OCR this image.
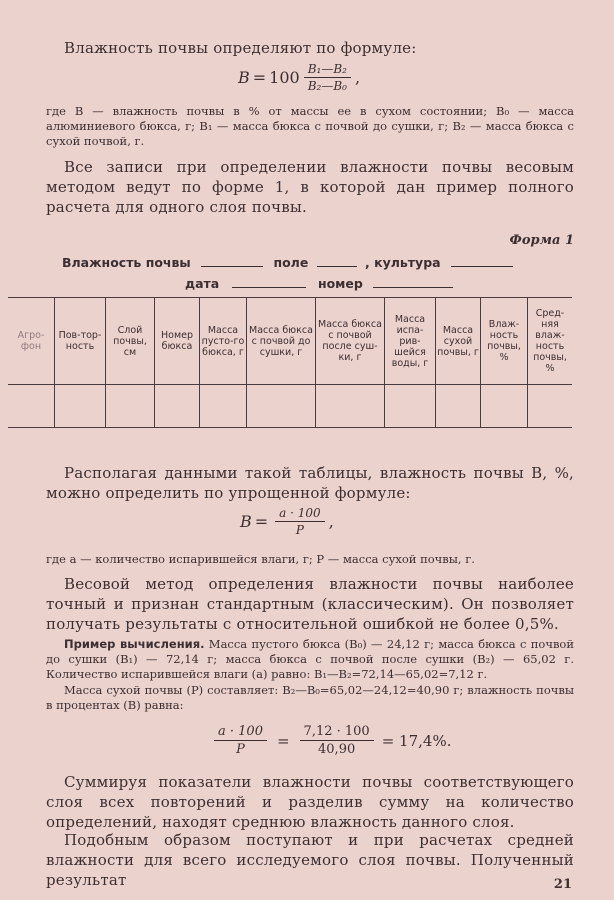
Влажность почвы определяют по формуле:

$B = 100 \frac{\text{B₁—B₂}}{\text{B₂—B₀}}$ ,

где B — влажность почвы в % от массы ее в сухом состоянии; B₀ — масса алюминиевого бюкса, г; B₁ — масса бюкса с почвой до сушки, г; B₂ — масса бюкса с сухой почвой, г.

Все записи при определении влажности почвы весовым методом ведут по форме 1, в которой дан пример полного расчета для одного слоя почвы.

Форма 1
Влажность почвы	поле	, культура
дата	номер
Агро-фон	Пов-тор-ность	Слой почвы, см	Номер бюкса	Масса пусто-го бюкса, г	Масса бюкса с почвой до сушки, г	Масса бюкса с почвой после суш-ки, г	Масса испа-рив-шейся воды, г	Масса сухой почвы, г	Влаж-ность почвы, %	Сред-няя влаж-ность почвы, %

Располагая данными такой таблицы, влажность почвы B, %, можно определить по упрощенной формуле:

$B = \frac{a \cdot 100}{P}$ ,

где a — количество испарившейся влаги, г; P — масса сухой почвы, г.

Весовой метод определения влажности почвы наиболее точный и признан стандартным (классическим). Он позволяет получать результаты с относительной ошибкой не более 0,5%.

Пример вычисления. Масса пустого бюкса (B₀) — 24,12 г; масса бюкса с почвой до сушки (B₁) — 72,14 г; масса бюкса с почвой после сушки (B₂) — 65,02 г. Количество испарившейся влаги (a) равно: B₁—B₂=72,14—65,02=7,12 г.

Масса сухой почвы (P) составляет: B₂—B₀=65,02—24,12=40,90 г; влажность почвы в процентах (B) равна:

$\frac{a \cdot 100}{P} = \frac{7,12 \cdot 100}{40,90} = 17,4\%$.

Суммируя показатели влажности почвы соответствующего слоя всех повторений и разделив сумму на количество определений, находят среднюю влажность данного слоя.

Подобным образом поступают и при расчетах средней влажности для всего исследуемого слоя почвы. Полученный результат	21
